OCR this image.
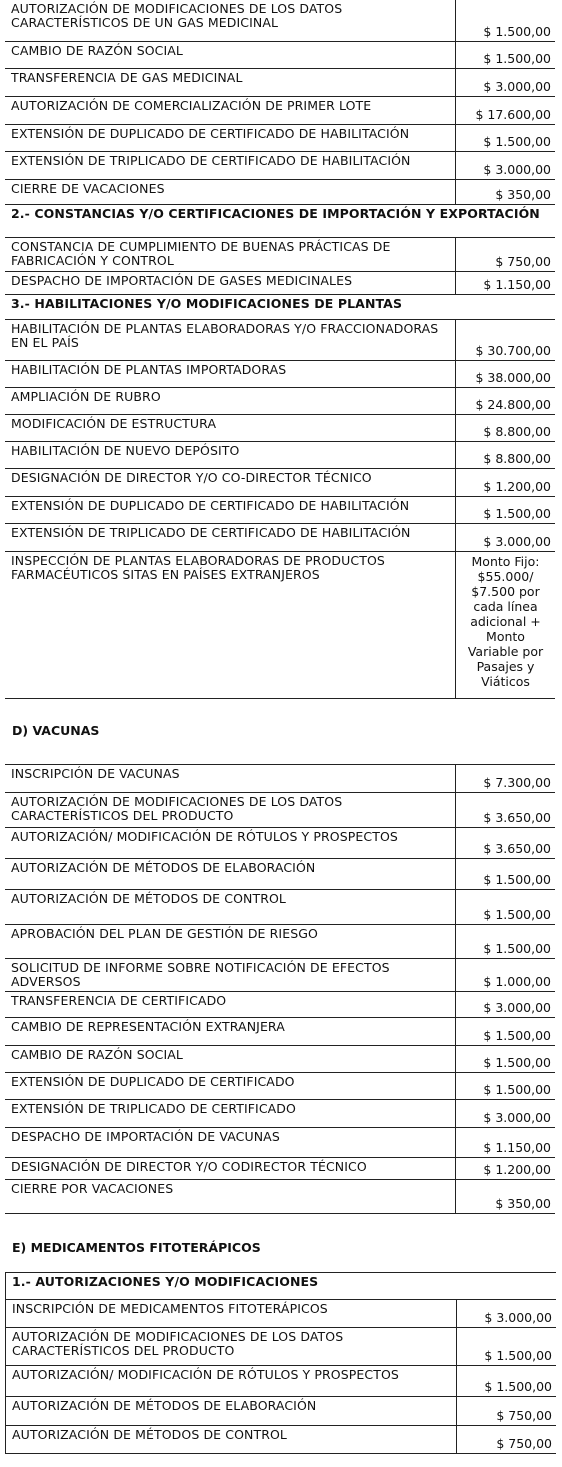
AUTORIZACIÓN DE MODIFICACIONES DE LOS DATOS CARACTERÍSTICOS DE UN GAS MEDICINAL
$ 1.500,00
CAMBIO DE RAZÓN SOCIAL
$ 1.500,00
TRANSFERENCIA DE GAS MEDICINAL
$ 3.000,00
AUTORIZACIÓN DE COMERCIALIZACIÓN DE PRIMER LOTE
$ 17.600,00
EXTENSIÓN DE DUPLICADO DE CERTIFICADO DE HABILITACIÓN
$ 1.500,00
EXTENSIÓN DE TRIPLICADO DE CERTIFICADO DE HABILITACIÓN
$ 3.000,00
CIERRE DE VACACIONES	$ 350,00
2.- CONSTANCIAS Y/O CERTIFICACIONES DE IMPORTACIÓN Y EXPORTACIÓN
CONSTANCIA DE CUMPLIMIENTO DE BUENAS PRÁCTICAS DE FABRICACIÓN Y CONTROL	$ 750,00
DESPACHO DE IMPORTACIÓN DE GASES MEDICINALES	$ 1.150,00
3.- HABILITACIONES Y/O MODIFICACIONES DE PLANTAS
HABILITACIÓN DE PLANTAS ELABORADORAS Y/O FRACCIONADORAS EN EL PAÍS
$ 30.700,00
HABILITACIÓN DE PLANTAS IMPORTADORAS
$ 38.000,00
AMPLIACIÓN DE RUBRO
$ 24.800,00
MODIFICACIÓN DE ESTRUCTURA
$ 8.800,00
HABILITACIÓN DE NUEVO DEPÓSITO
$ 8.800,00
DESIGNACIÓN DE DIRECTOR Y/O CO-DIRECTOR TÉCNICO
$ 1.200,00
EXTENSIÓN DE DUPLICADO DE CERTIFICADO DE HABILITACIÓN
$ 1.500,00
EXTENSIÓN DE TRIPLICADO DE CERTIFICADO DE HABILITACIÓN
$ 3.000,00
INSPECCIÓN DE PLANTAS ELABORADORAS DE PRODUCTOS FARMACÉUTICOS SITAS EN PAÍSES EXTRANJEROS
Monto Fijo: $55.000/ $7.500 por cada línea adicional + Monto Variable por Pasajes y Viáticos
D) VACUNAS
INSCRIPCIÓN DE VACUNAS
$ 7.300,00
AUTORIZACIÓN DE MODIFICACIONES DE LOS DATOS CARACTERÍSTICOS DEL PRODUCTO	$ 3.650,00
AUTORIZACIÓN/ MODIFICACIÓN DE RÓTULOS Y PROSPECTOS
$ 3.650,00
AUTORIZACIÓN DE MÉTODOS DE ELABORACIÓN
$ 1.500,00
AUTORIZACIÓN DE MÉTODOS DE CONTROL
$ 1.500,00
APROBACIÓN DEL PLAN DE GESTIÓN DE RIESGO
$ 1.500,00
SOLICITUD DE INFORME SOBRE NOTIFICACIÓN DE EFECTOS ADVERSOS	$ 1.000,00
TRANSFERENCIA DE CERTIFICADO	$ 3.000,00
CAMBIO DE REPRESENTACIÓN EXTRANJERA
$ 1.500,00
CAMBIO DE RAZÓN SOCIAL
$ 1.500,00
EXTENSIÓN DE DUPLICADO DE CERTIFICADO
$ 1.500,00
EXTENSIÓN DE TRIPLICADO DE CERTIFICADO
$ 3.000,00
DESPACHO DE IMPORTACIÓN DE VACUNAS
$ 1.150,00
DESIGNACIÓN DE DIRECTOR Y/O CODIRECTOR TÉCNICO	$ 1.200,00
CIERRE POR VACACIONES
$ 350,00
E) MEDICAMENTOS FITOTERÁPICOS
1.- AUTORIZACIONES Y/O MODIFICACIONES
INSCRIPCIÓN DE MEDICAMENTOS FITOTERÁPICOS
$ 3.000,00
AUTORIZACIÓN DE MODIFICACIONES DE LOS DATOS CARACTERÍSTICOS DEL PRODUCTO	$ 1.500,00
AUTORIZACIÓN/ MODIFICACIÓN DE RÓTULOS Y PROSPECTOS
$ 1.500,00
AUTORIZACIÓN DE MÉTODOS DE ELABORACIÓN
$ 750,00
AUTORIZACIÓN DE MÉTODOS DE CONTROL
$ 750,00
